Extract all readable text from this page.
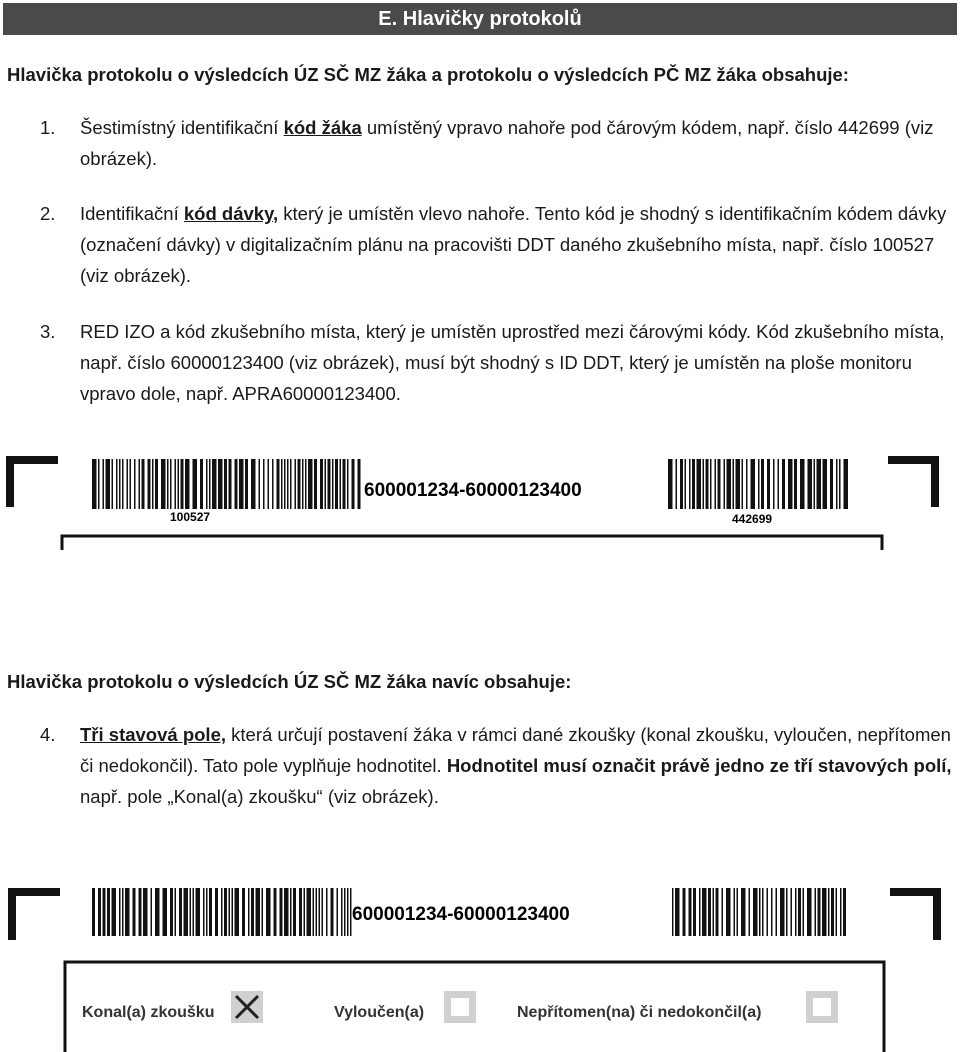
E. Hlavičky protokolů
Hlavička protokolu o výsledcích ÚZ SČ MZ žáka a protokolu o výsledcích PČ MZ žáka obsahuje:
1. Šestimístný identifikační kód žáka umístěný vpravo nahoře pod čárovým kódem, např. číslo 442699 (viz obrázek).
2. Identifikační kód dávky, který je umístěn vlevo nahoře. Tento kód je shodný s identifikačním kódem dávky (označení dávky) v digitalizačním plánu na pracovišti DDT daného zkušebního místa, např. číslo 100527 (viz obrázek).
3. RED IZO a kód zkušebního místa, který je umístěn uprostřed mezi čárovými kódy. Kód zkušebního místa, např. číslo 60000123400 (viz obrázek), musí být shodný s ID DDT, který je umístěn na ploše monitoru vpravo dole, např. APRA60000123400.
100527
600001234-60000123400
442699
Hlavička protokolu o výsledcích ÚZ SČ MZ žáka navíc obsahuje:
4. Tři stavová pole, která určují postavení žáka v rámci dané zkoušky (konal zkoušku, vyloučen, nepřítomen či nedokončil). Tato pole vyplňuje hodnotitel. Hodnotitel musí označit právě jedno ze tří stavových polí, např. pole „Konal(a) zkoušku“ (viz obrázek).
600001234-60000123400
Konal(a) zkoušku	Vyloučen(a)	Nepřítomen(na) či nedokončil(a)
